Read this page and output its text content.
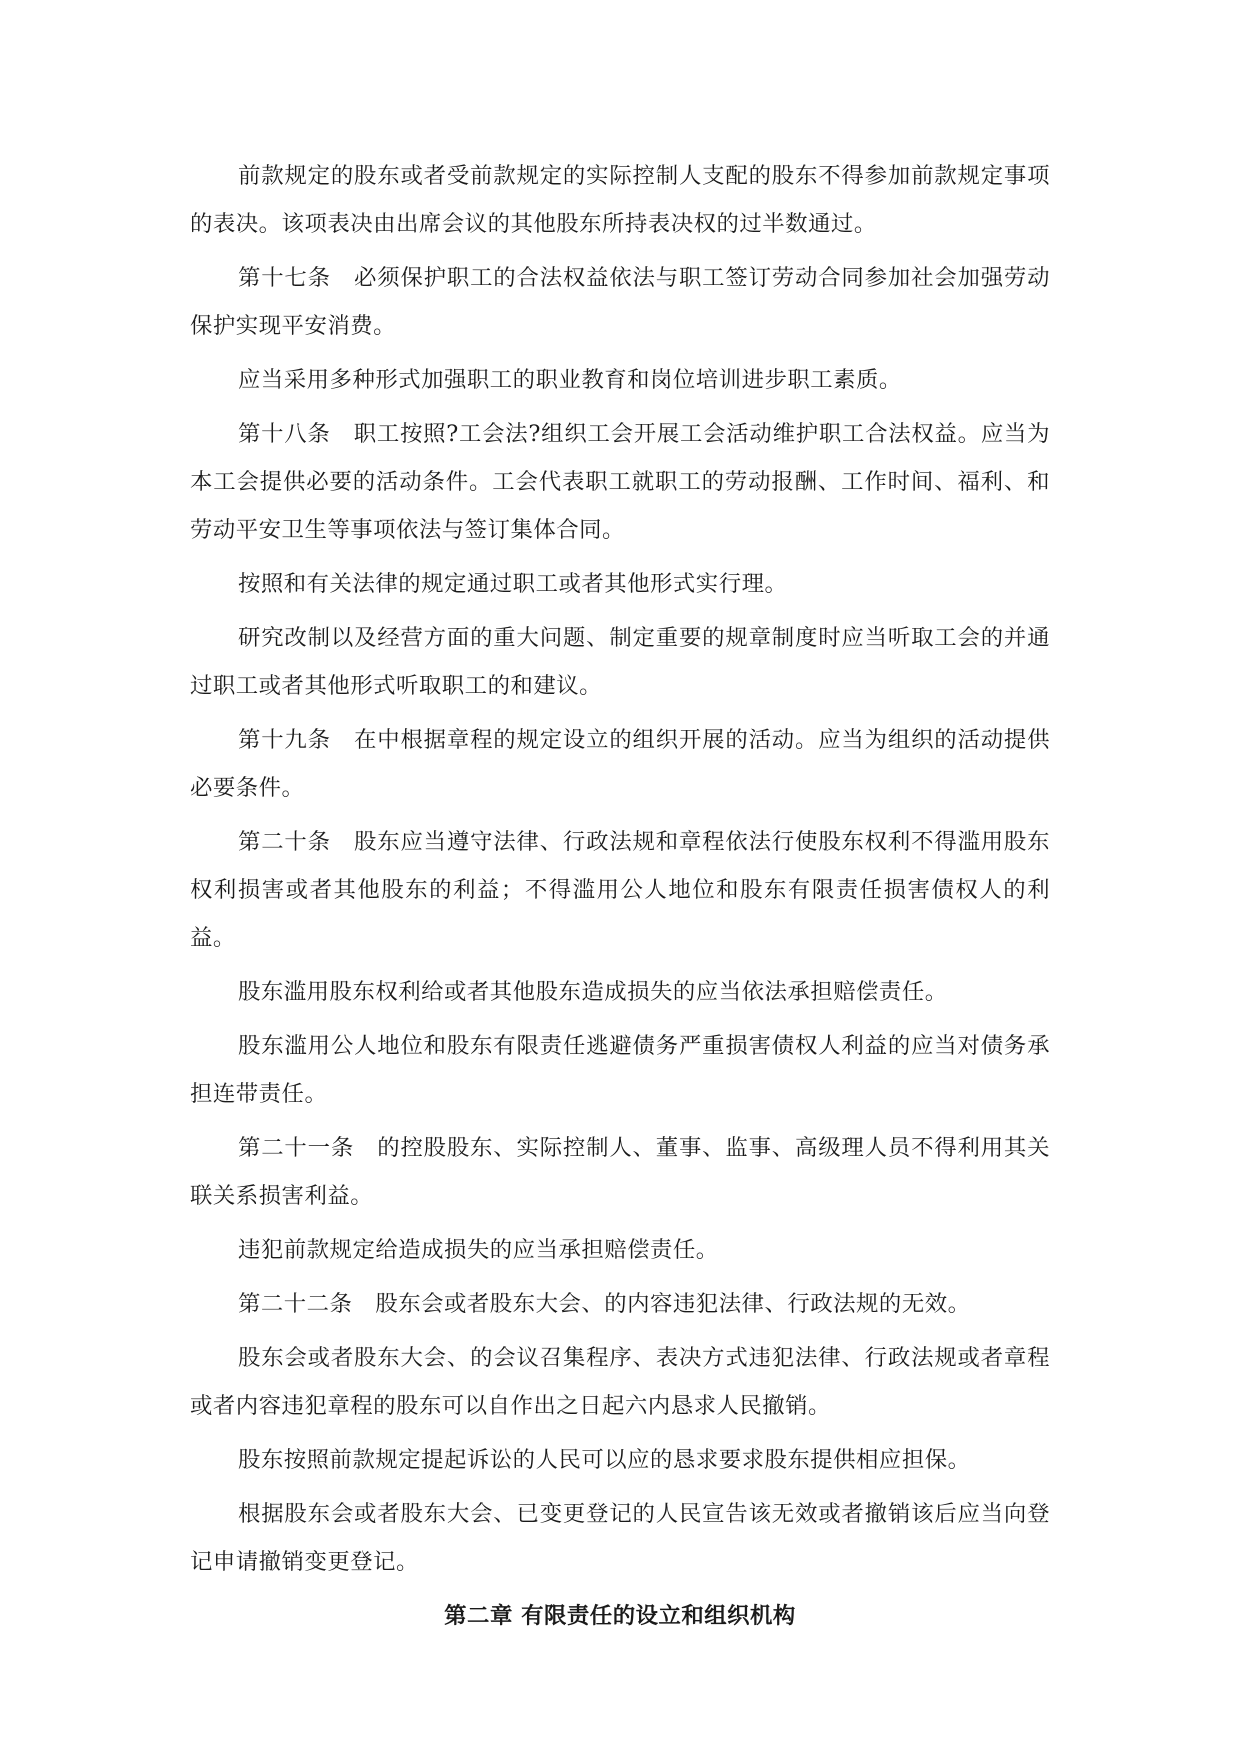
前款规定的股东或者受前款规定的实际控制人支配的股东不得参加前款规定事项的表决。该项表决由出席会议的其他股东所持表决权的过半数通过。

第十七条　必须保护职工的合法权益依法与职工签订劳动合同参加社会加强劳动保护实现平安消费。

应当采用多种形式加强职工的职业教育和岗位培训进步职工素质。

第十八条　职工按照?工会法?组织工会开展工会活动维护职工合法权益。应当为本工会提供必要的活动条件。工会代表职工就职工的劳动报酬、工作时间、福利、和劳动平安卫生等事项依法与签订集体合同。

按照和有关法律的规定通过职工或者其他形式实行理。

研究改制以及经营方面的重大问题、制定重要的规章制度时应当听取工会的并通过职工或者其他形式听取职工的和建议。

第十九条　在中根据章程的规定设立的组织开展的活动。应当为组织的活动提供必要条件。

第二十条　股东应当遵守法律、行政法规和章程依法行使股东权利不得滥用股东权利损害或者其他股东的利益；不得滥用公人地位和股东有限责任损害债权人的利益。

股东滥用股东权利给或者其他股东造成损失的应当依法承担赔偿责任。

股东滥用公人地位和股东有限责任逃避债务严重损害债权人利益的应当对债务承担连带责任。

第二十一条　的控股股东、实际控制人、董事、监事、高级理人员不得利用其关联关系损害利益。

违犯前款规定给造成损失的应当承担赔偿责任。

第二十二条　股东会或者股东大会、的内容违犯法律、行政法规的无效。

股东会或者股东大会、的会议召集程序、表决方式违犯法律、行政法规或者章程或者内容违犯章程的股东可以自作出之日起六内恳求人民撤销。

股东按照前款规定提起诉讼的人民可以应的恳求要求股东提供相应担保。

根据股东会或者股东大会、已变更登记的人民宣告该无效或者撤销该后应当向登记申请撤销变更登记。

第二章 有限责任的设立和组织机构
